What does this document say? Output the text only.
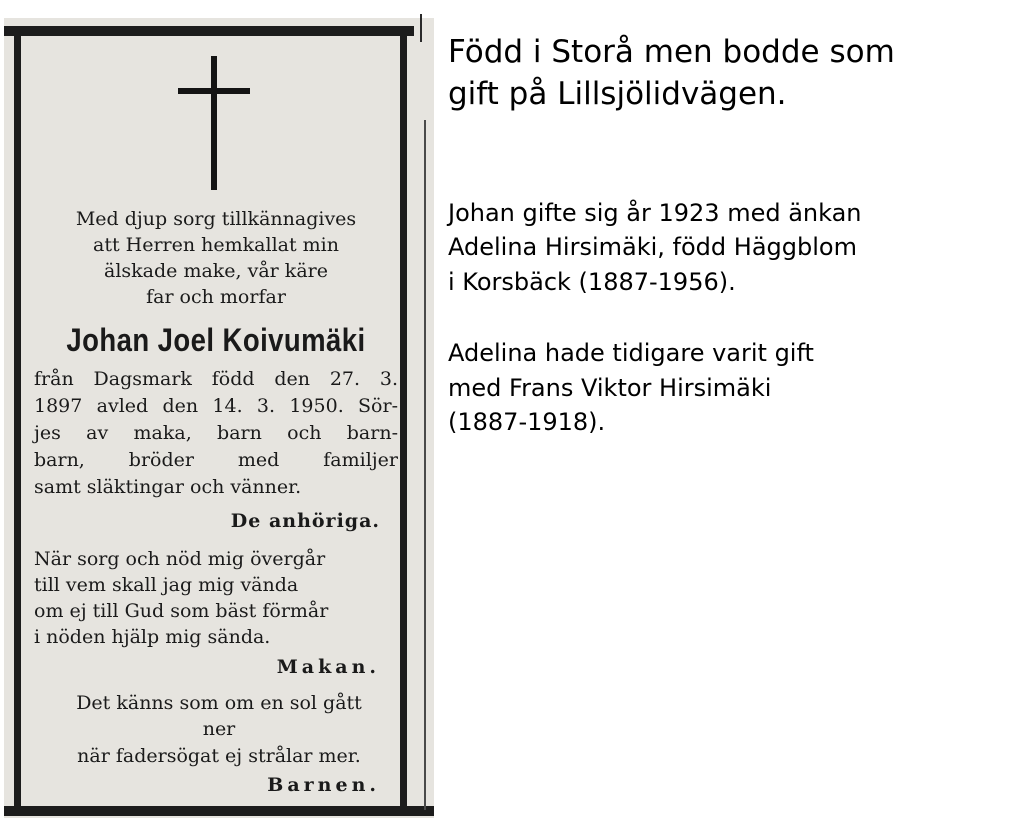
Med djup sorg tillkännagives

att Herren hemkallat min

älskade make, vår käre

far och morfar

Johan Joel Koivumäki

från Dagsmark född den 27. 3.

1897 avled den 14. 3. 1950. Sör-

jes av maka, barn och barn-

barn, bröder med familjer

samt släktingar och vänner.

De anhöriga.

När sorg och nöd mig övergår

till vem skall jag mig vända

om ej till Gud som bäst förmår

i nöden hjälp mig sända.

Makan.

Det känns som om en sol gått

ner

när fadersögat ej strålar mer.

Barnen.

Född i Storå men bodde som

gift på Lillsjölidvägen.

Johan gifte sig år 1923 med änkan

Adelina Hirsimäki, född Häggblom

i Korsbäck (1887-1956).

Adelina hade tidigare varit gift

med Frans Viktor Hirsimäki

(1887-1918).
